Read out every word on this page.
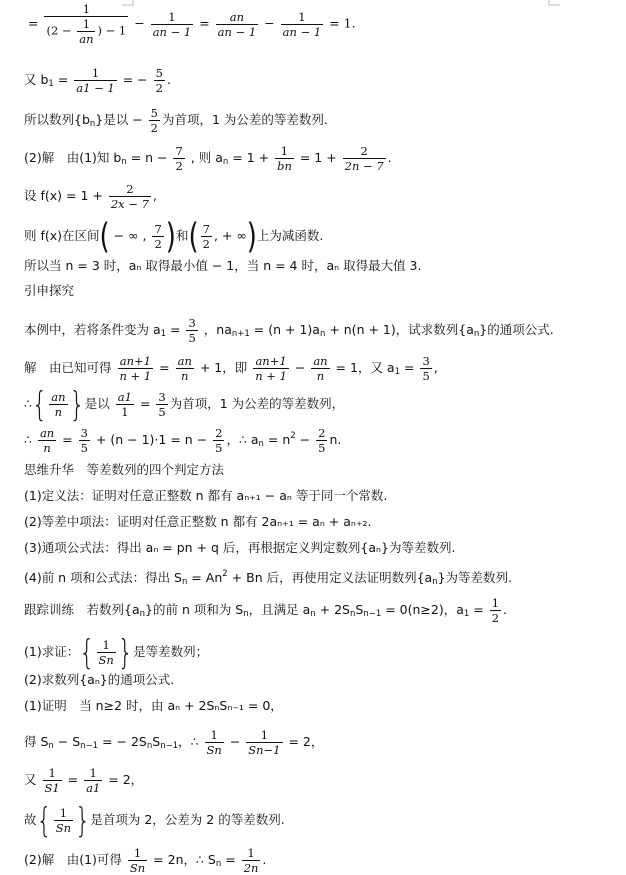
= $\frac{1}{(2 - \frac{1}{an} ) - 1} - \frac{1}{an - 1} = \frac{an}{an - 1} - \frac{1}{an - 1} = 1$.
又 $b_1 = \frac{1}{a1 - 1}$ = − $\frac{5}{2}$ .
所以数列$\{b_n\}$是以 − $\frac{5}{2}$ 为首项，1 为公差的等差数列.
(2)解　由(1)知 $b_n = n - \frac{7}{2}$ , 则 $a_n = 1 + \frac{1}{bn} = 1 + \frac{2}{2n - 7}$ .
设 $f(x) = 1 + \frac{2}{2x - 7}$ ,
则 f(x)在区间( − ∞ , $\frac{7}{2}$ )和( $\frac{7}{2}$ , + ∞)上为减函数.
所以当 n = 3 时，aₙ 取得最小值 − 1，当 n = 4 时，aₙ 取得最大值 3.
引申探究
本例中，若将条件变为 $a_1 = \frac{3}{5}$ ，$na_{n+1} = (n + 1)a_n + n(n + 1)$，试求数列$\{a_n\}$的通项公式.
解　由已知可得 $\frac{an+1}{n + 1} = \frac{an}{n} + 1$，即 $\frac{an+1}{n + 1} - \frac{an}{n} = 1$，又 $a_1 = \frac{3}{5}$ ,
∴{ $\frac{an}{n}$ }是以 $\frac{a1}{1} = \frac{3}{5}$ 为首项，1 为公差的等差数列，
∴ $\frac{an}{n} = \frac{3}{5} + (n - 1)\cdot 1 = n - \frac{2}{5}$ ，∴ $a_n = n^2 - \frac{2}{5} n$.
思维升华　等差数列的四个判定方法
(1)定义法：证明对任意正整数 n 都有 aₙ₊₁ − aₙ 等于同一个常数.
(2)等差中项法：证明对任意正整数 n 都有 2aₙ₊₁ = aₙ + aₙ₊₂.
(3)通项公式法：得出 aₙ = pn + q 后，再根据定义判定数列{aₙ}为等差数列.
(4)前 n 项和公式法：得出 $S_n = An^2 + Bn$ 后，再使用定义法证明数列$\{a_n\}$为等差数列.
跟踪训练　若数列$\{a_n\}$的前 n 项和为 $S_n$，且满足 $a_n + 2S_nS_{n-1} = 0(n\ge 2)$，$a_1 = \frac{1}{2}$ .
(1)求证：{ $\frac{1}{Sn}$ }是等差数列；
(2)求数列{aₙ}的通项公式.
(1)证明　当 n≥2 时，由 aₙ + 2SₙSₙ₋₁ = 0，
得 $S_n - S_{n-1}$ = − $2S_nS_{n-1}$，∴ $\frac{1}{Sn} - \frac{1}{Sn-1} = 2$，
又 $\frac{1}{S1} = \frac{1}{a1} = 2$，
故{ $\frac{1}{Sn}$ }是首项为 2，公差为 2 的等差数列.
(2)解　由(1)可得 $\frac{1}{Sn} = 2n$，∴ $S_n = \frac{1}{2n}$ .
